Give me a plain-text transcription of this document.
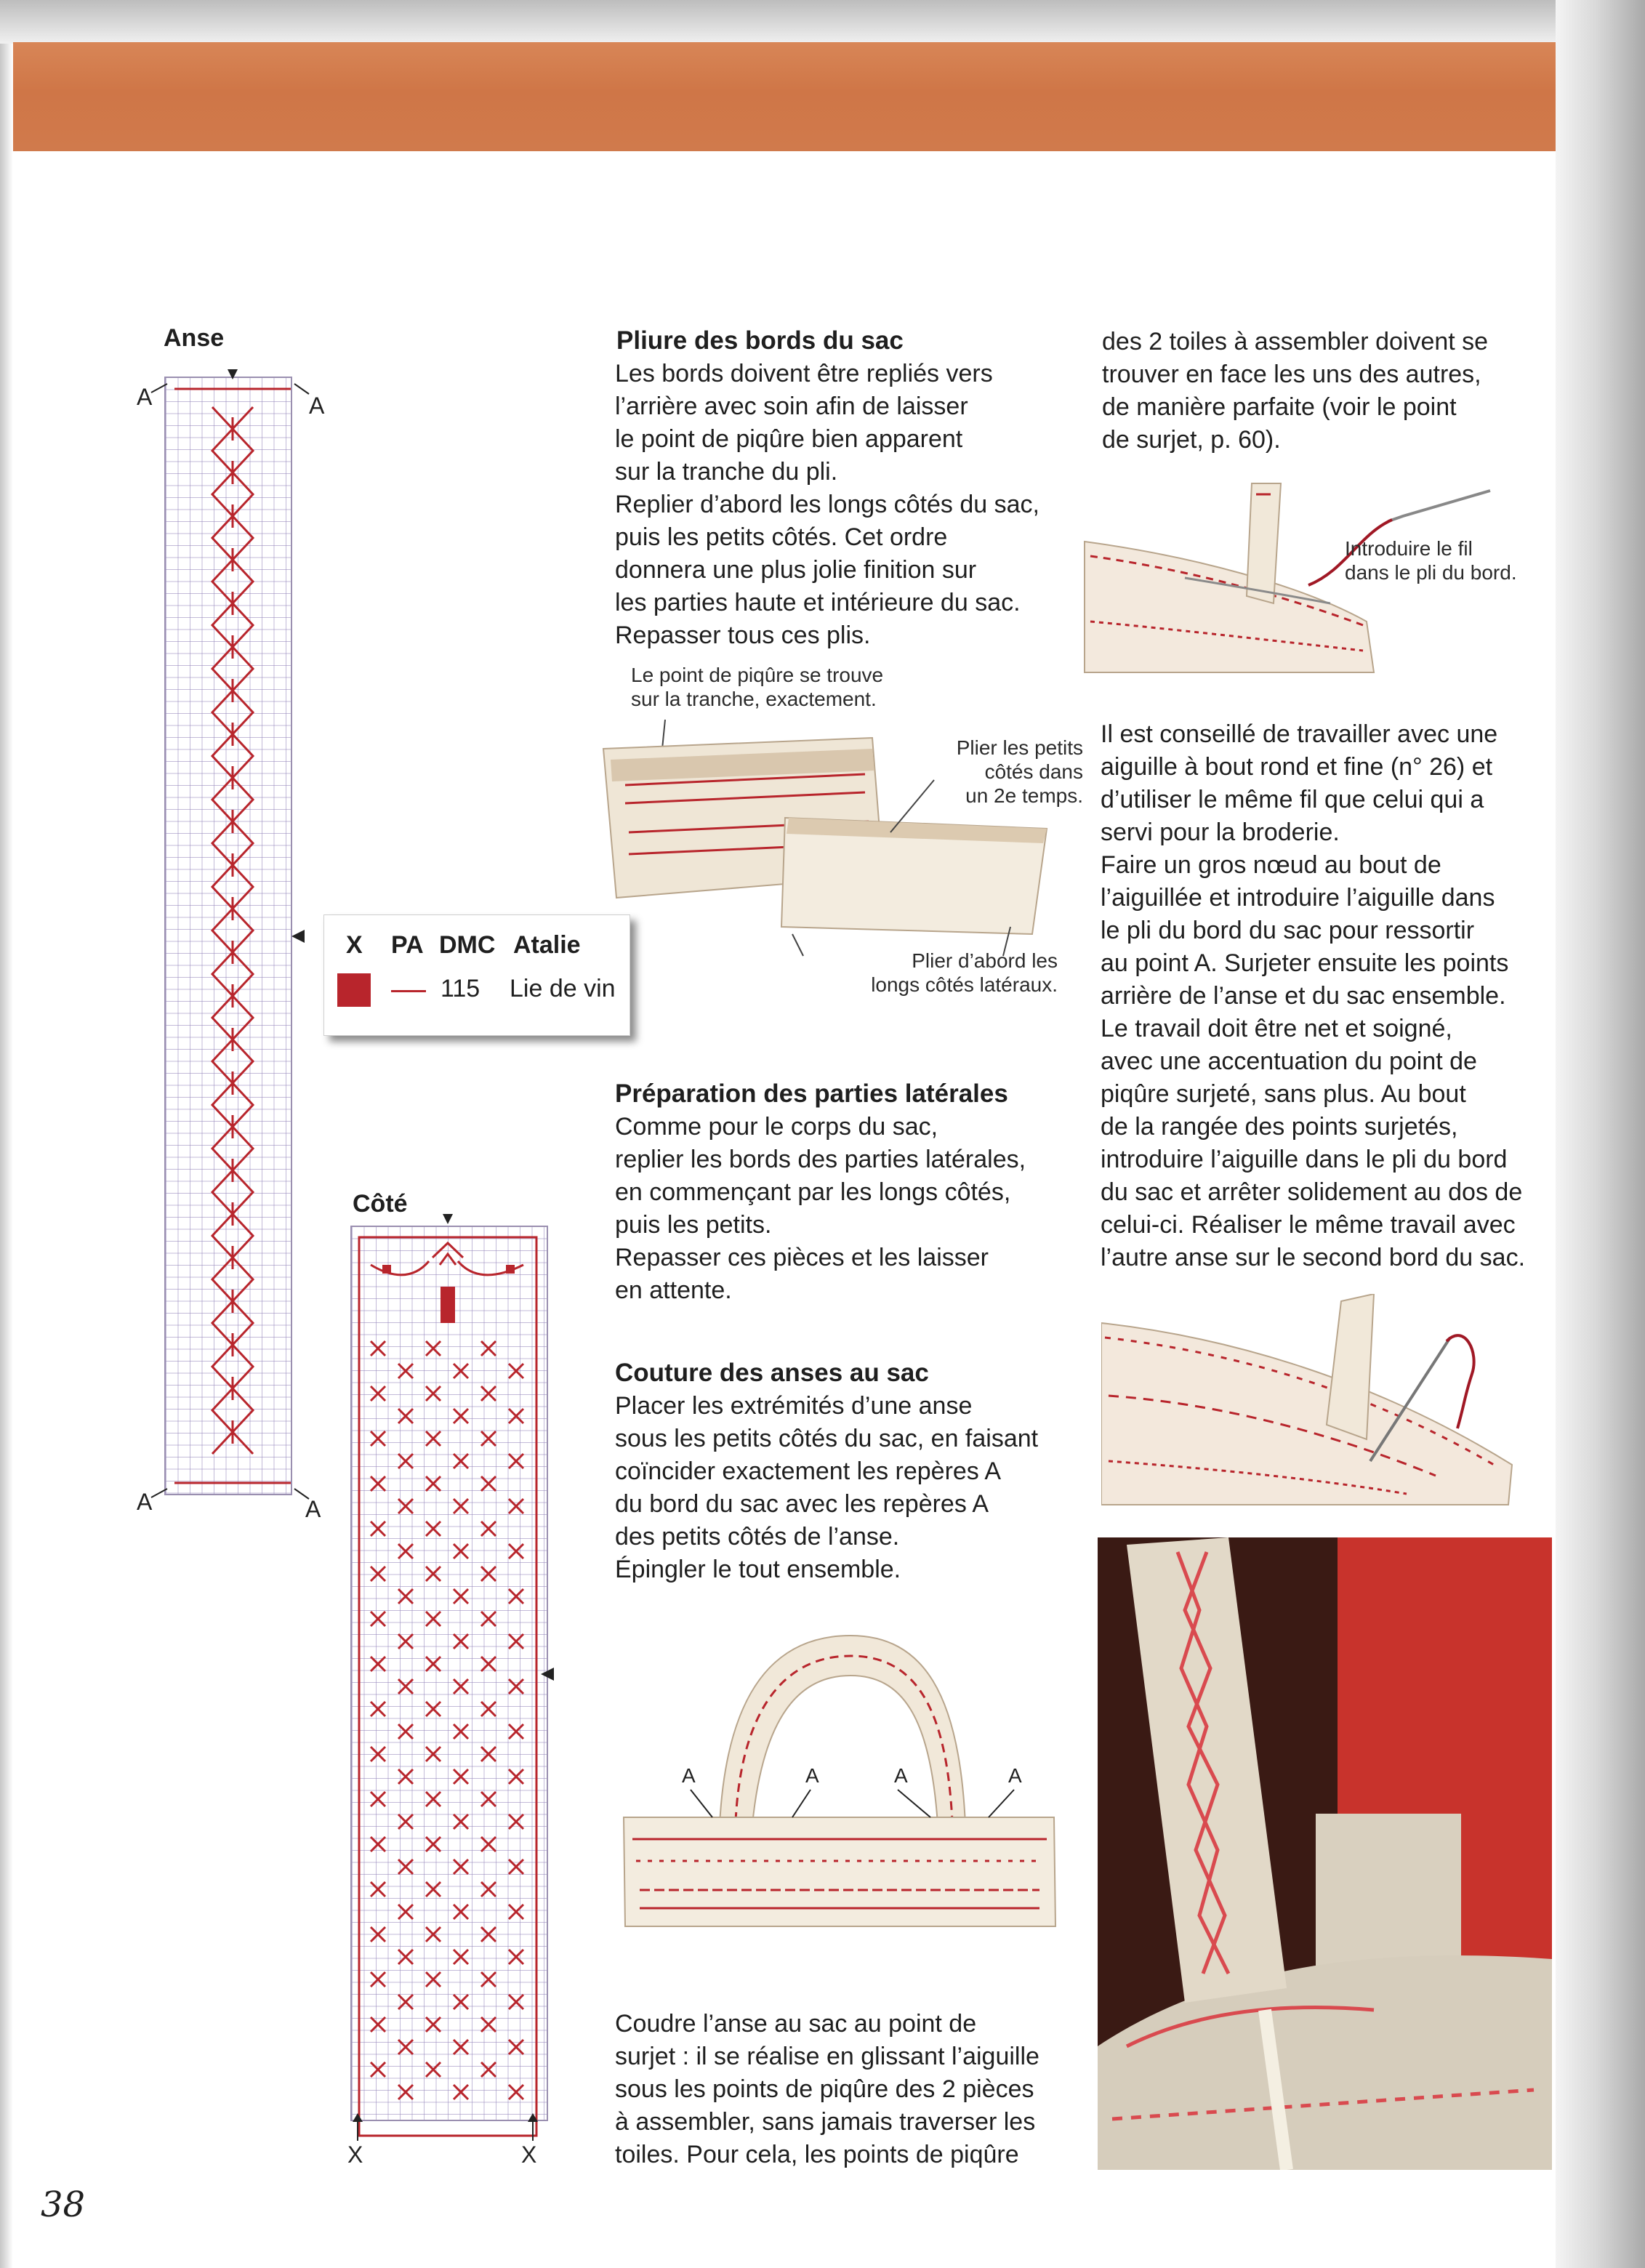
Anse
A	A
A	A
X PA DMC Atalie
115 Lie de vin
Côté
X	X
Pliure des bords du sac
Les bords doivent être repliés vers
l’arrière avec soin afin de laisser
le point de piqûre bien apparent
sur la tranche du pli.
Replier d’abord les longs côtés du sac,
puis les petits côtés. Cet ordre
donnera une plus jolie finition sur
les parties haute et intérieure du sac.
Repasser tous ces plis.
Le point de piqûre se trouve
sur la tranche, exactement.
Plier les petits
côtés dans
un 2e temps.
Plier d’abord les
longs côtés latéraux.
Préparation des parties latérales
Comme pour le corps du sac,
replier les bords des parties latérales,
en commençant par les longs côtés,
puis les petits.
Repasser ces pièces et les laisser
en attente.
Couture des anses au sac
Placer les extrémités d’une anse
sous les petits côtés du sac, en faisant
coïncider exactement les repères A
du bord du sac avec les repères A
des petits côtés de l’anse.
Épingler le tout ensemble.
A	A	A	A
Coudre l’anse au sac au point de
surjet : il se réalise en glissant l’aiguille
sous les points de piqûre des 2 pièces
à assembler, sans jamais traverser les
toiles. Pour cela, les points de piqûre
des 2 toiles à assembler doivent se
trouver en face les uns des autres,
de manière parfaite (voir le point
de surjet, p. 60).
Introduire le fil
dans le pli du bord.
Il est conseillé de travailler avec une
aiguille à bout rond et fine (n° 26) et
d’utiliser le même fil que celui qui a
servi pour la broderie.
Faire un gros nœud au bout de
l’aiguillée et introduire l’aiguille dans
le pli du bord du sac pour ressortir
au point A. Surjeter ensuite les points
arrière de l’anse et du sac ensemble.
Le travail doit être net et soigné,
avec une accentuation du point de
piqûre surjeté, sans plus. Au bout
de la rangée des points surjetés,
introduire l’aiguille dans le pli du bord
du sac et arrêter solidement au dos de
celui-ci. Réaliser le même travail avec
l’autre anse sur le second bord du sac.
38
